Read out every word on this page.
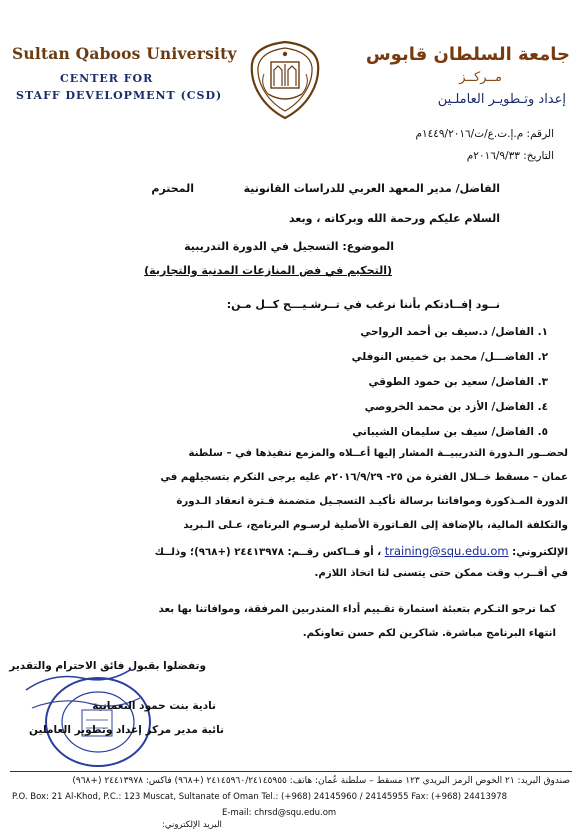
Sultan Qaboos University
CENTER FOR
STAFF DEVELOPMENT (CSD)
جامعة السلطان قابوس
مــركــز
إعداد وتـطويـر العاملـين
الرقم: م.إ.ت.ع/ت/١٤٤٩/٢٠١٦م
التاريخ: ٢٠١٦/٩/٣٣م
الفاضل/ مدير المعهد العربي للدراسات القانونية
المحترم
السلام عليكم ورحمة الله وبركاته ، وبعد
الموضوع: التسجيل في الدورة التدريبية
(التحكيم في فض المنازعات المدنية والتجارية)
نــود إفــادتكم بأننا نرغب في تــرشـيـــح كــل مـن:
١. الفاضل/ د.سيف بن أحمد الرواحي
٢. الفاضـــل/ محمد بن خميس النوفلي
٣. الفاضل/ سعيد بن حمود الطوقي
٤. الفاضل/ الأزد بن محمد الخروصي
٥. الفاضل/ سيف بن سليمان الشيباني
لحضــور الـدورة التدريبيــة المشار إليها أعــلاه والمزمع تنفيذها في – سلطنة
عمان – مسقط خــلال الفترة من ٢٥- ٢٠١٦/٩/٢٩م عليه يرجى التكرم بتسجيلهم في
الدورة المـذكورة وموافاتنا برسالة تأكيـد التسجـيل متضمنة فـترة انعقاد الـدورة
والتكلفة المالية، بالإضافة إلى الفـاتورة الأصلية لرسـوم البرنامج، عـلى الـبريد
الإلكتروني: training@squ.edu.om ، أو فــاكس رقــم: ٢٤٤١٣٩٧٨ (+٩٦٨)؛ وذلــك
في أقــرب وقت ممكن حتى يتسنى لنا اتخاذ اللازم.
كما نرجو التـكرم بتعبئة استمارة تقـييم أداء المتدربين المرفقة، وموافاتنا بها بعد
انتهاء البرنامج مباشرة. شاكرين لكم حسن تعاونكم.
وتفضلوا بقبول فائق الاحترام والتقدير
نادية بنت حمود النعمانية
نائبة مدير مركز إعداد وتطوير العاملين
صندوق البريد: ٢١ الخوض الرمز البريدي ١٢٣ مسقط – سلطنة عُمان: هاتف: ٢٤١٤٥٩٦٠/٢٤١٤٥٩٥٥ (+٩٦٨) فاكس: ٢٤٤١٣٩٧٨ (+٩٦٨)
P.O. Box: 21 Al-Khod, P.C.: 123 Muscat, Sultanate of Oman Tel.: (+968) 24145960 / 24145955 Fax: (+968) 24413978
E-mail: chrsd@squ.edu.om
البريد الإلكتروني:
